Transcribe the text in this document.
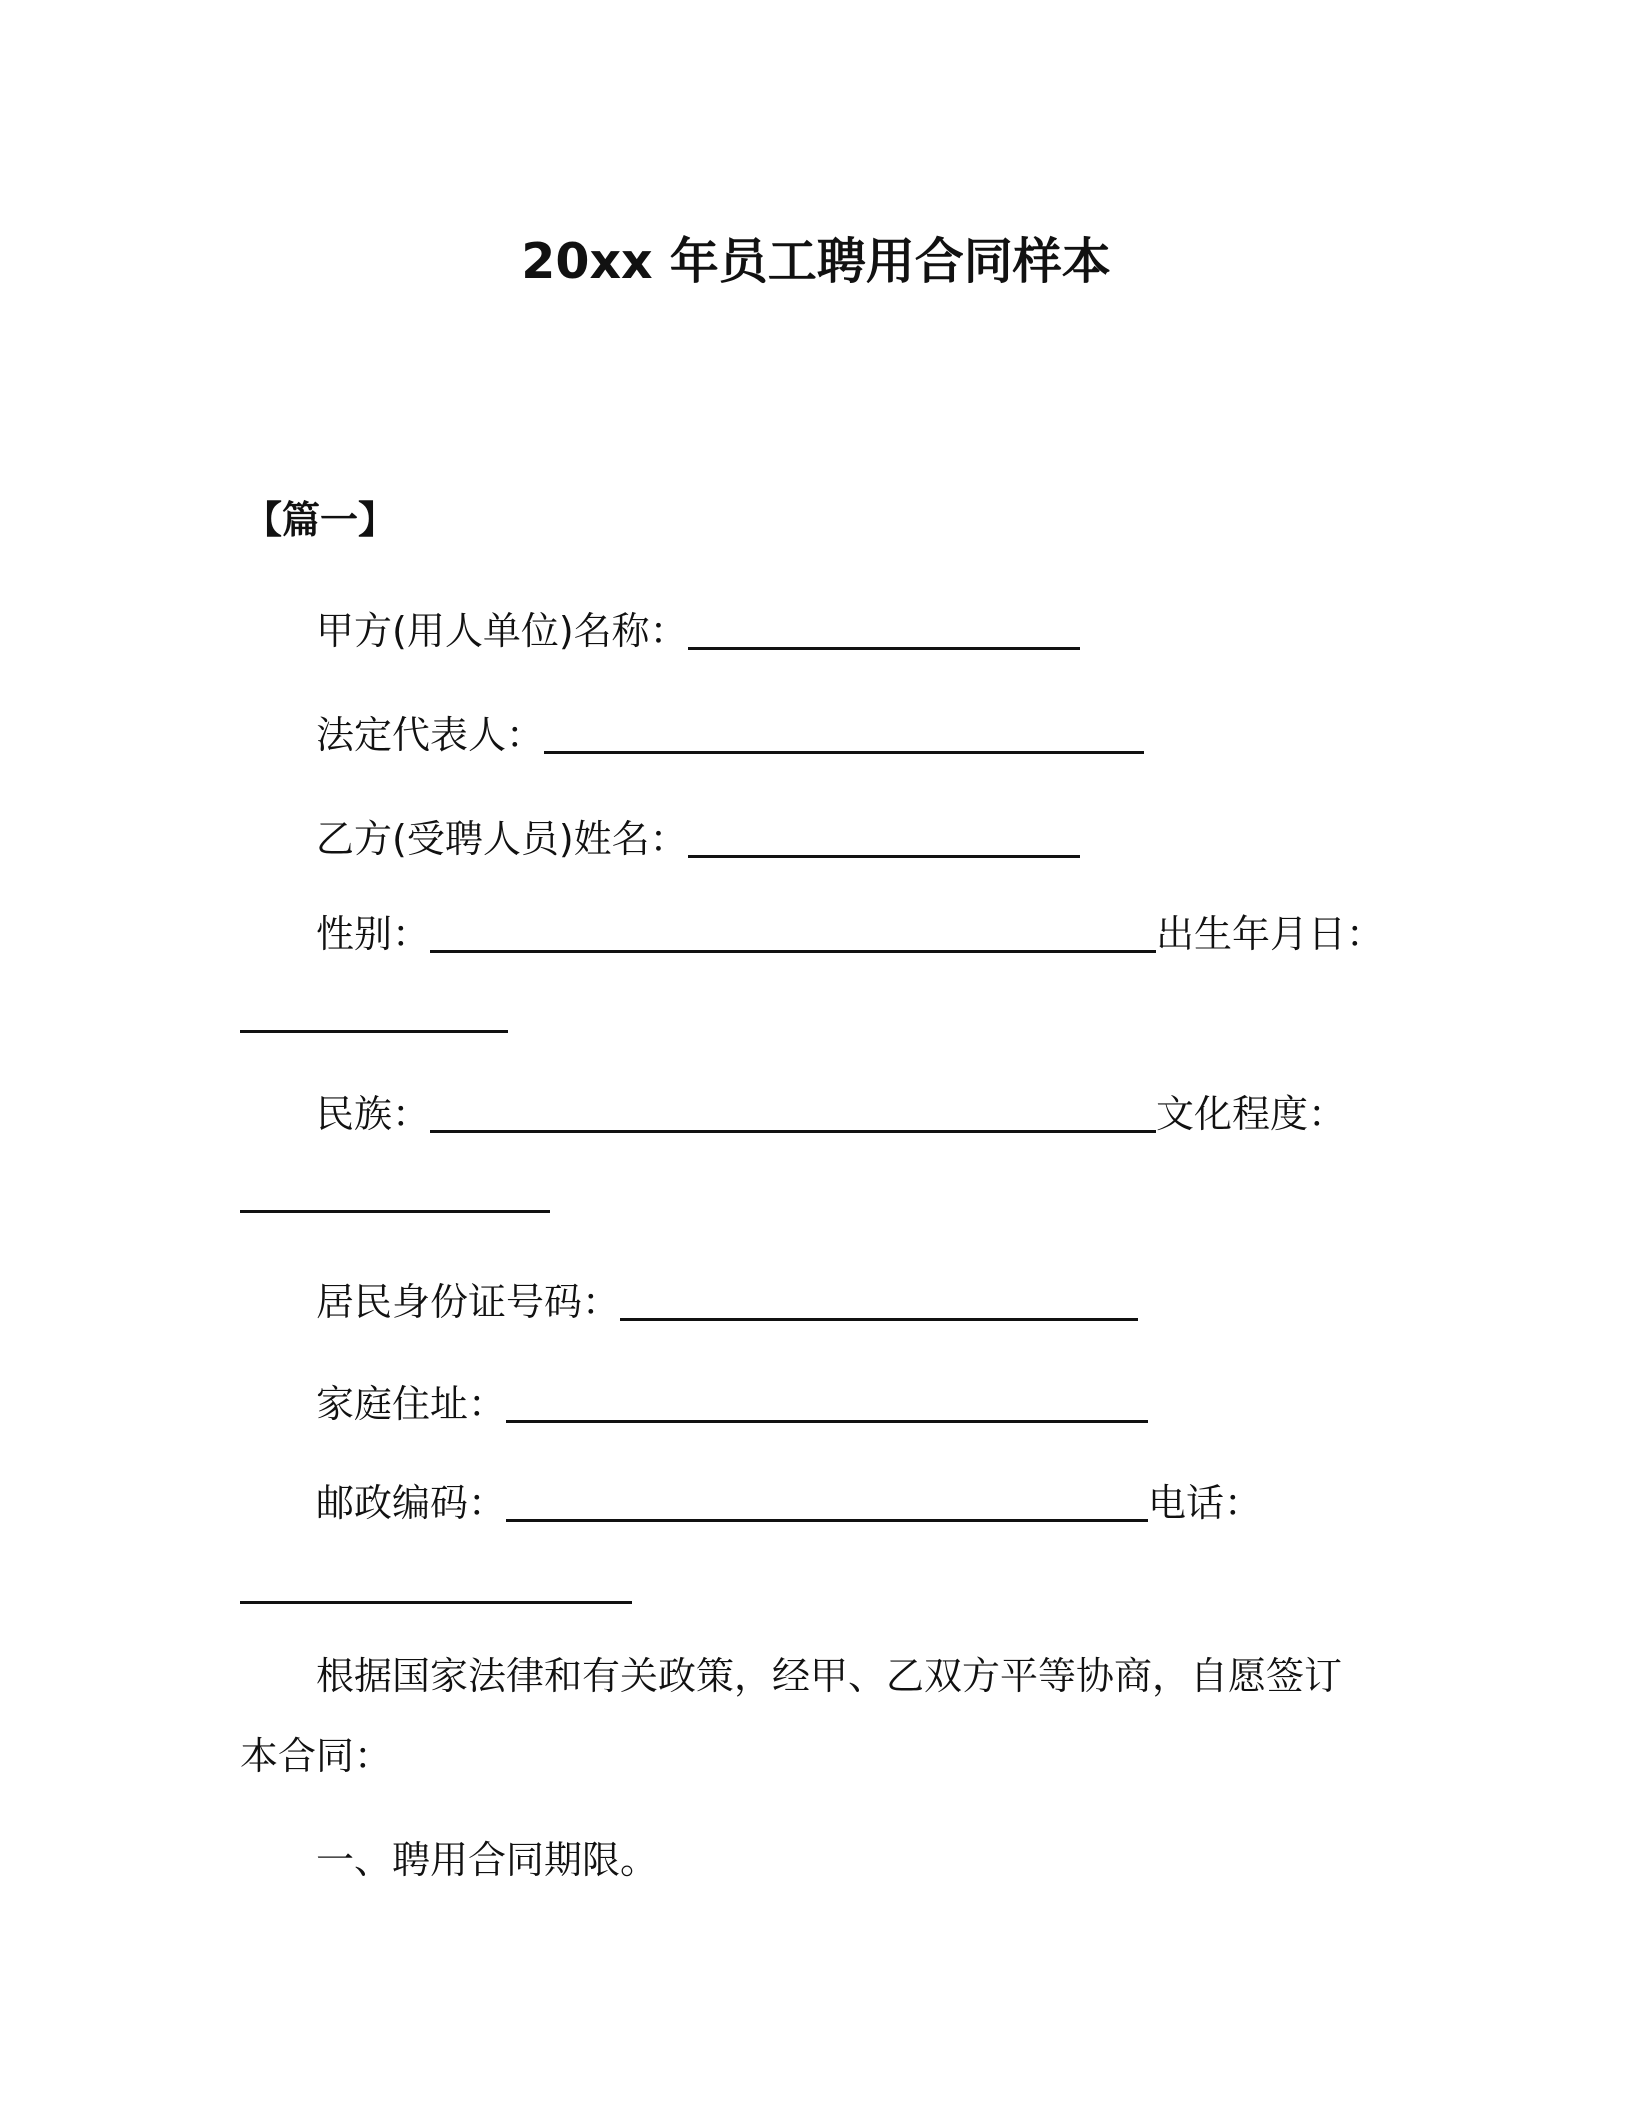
20xx 年员工聘用合同样本
【篇一】
甲方(用人单位)名称：
法定代表人：
乙方(受聘人员)姓名：
性别：	出生年月日：
民族：	文化程度：
居民身份证号码：
家庭住址：
邮政编码：	电话：
根据国家法律和有关政策，经甲、乙双方平等协商，自愿签订本合同：
一、聘用合同期限。
